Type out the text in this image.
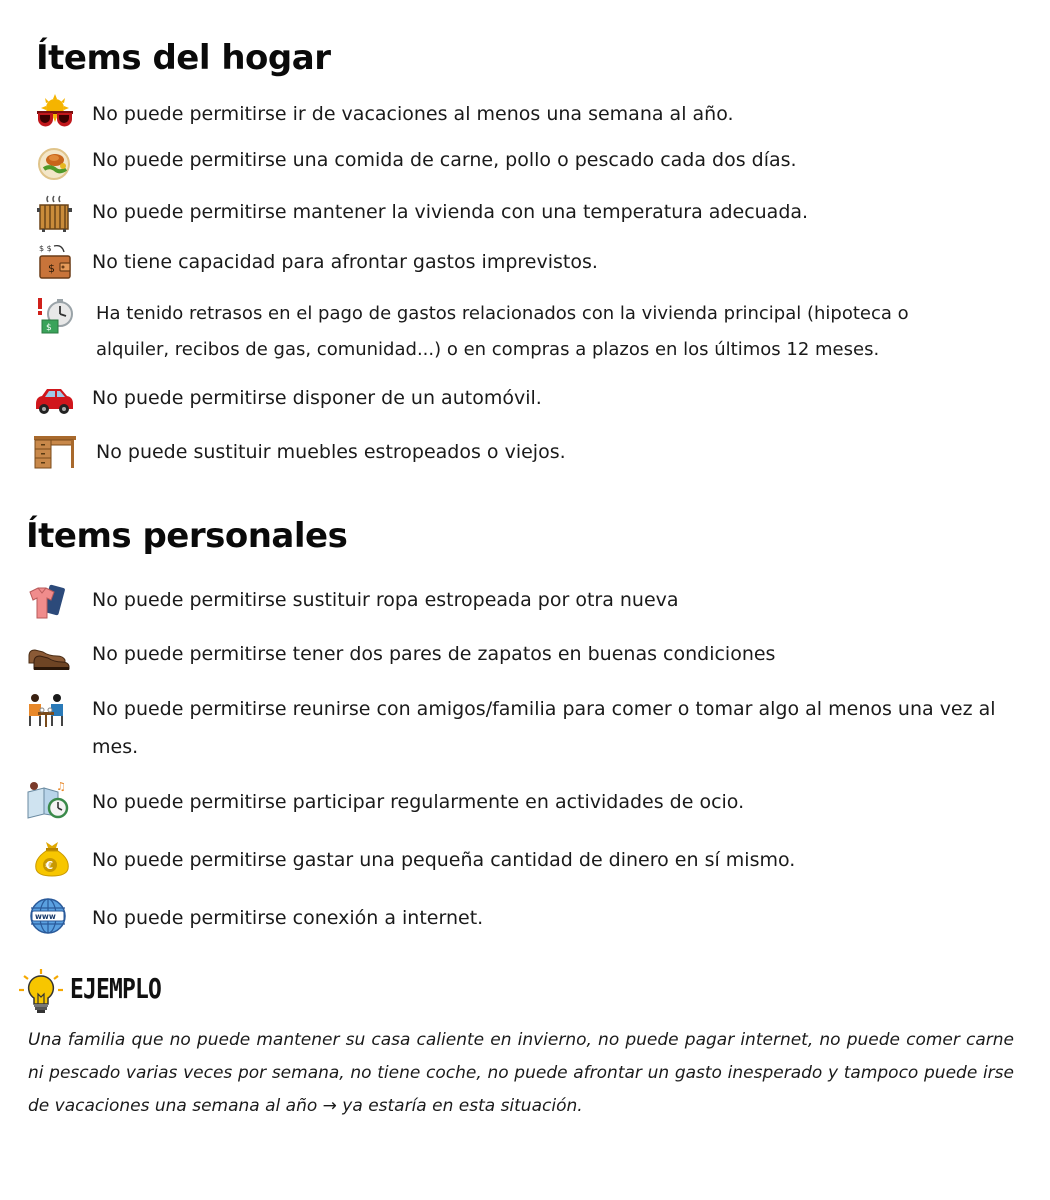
Ítems del hogar
No puede permitirse ir de vacaciones al menos una semana al año.
No puede permitirse una comida de carne, pollo o pescado cada dos días.
No puede permitirse mantener la vivienda con una temperatura adecuada.
$ $
$ No tiene capacidad para afrontar gastos imprevistos.
$
Ha tenido retrasos en el pago de gastos relacionados con la vivienda principal (hipoteca o alquiler, recibos de gas, comunidad...) o en compras a plazos en los últimos 12 meses.
No puede permitirse disponer de un automóvil.
No puede sustituir muebles estropeados o viejos.
Ítems personales
No puede permitirse sustituir ropa estropeada por otra nueva
No puede permitirse tener dos pares de zapatos en buenas condiciones
No puede permitirse reunirse con amigos/familia para comer o tomar algo al menos una vez al mes.
♫
No puede permitirse participar regularmente en actividades de ocio.
€ No puede permitirse gastar una pequeña cantidad de dinero en sí mismo.
www No puede permitirse conexión a internet.
EJEMPLO
Una familia que no puede mantener su casa caliente en invierno, no puede pagar internet, no puede comer carne ni pescado varias veces por semana, no tiene coche, no puede afrontar un gasto inesperado y tampoco puede irse de vacaciones una semana al año → ya estaría en esta situación.
